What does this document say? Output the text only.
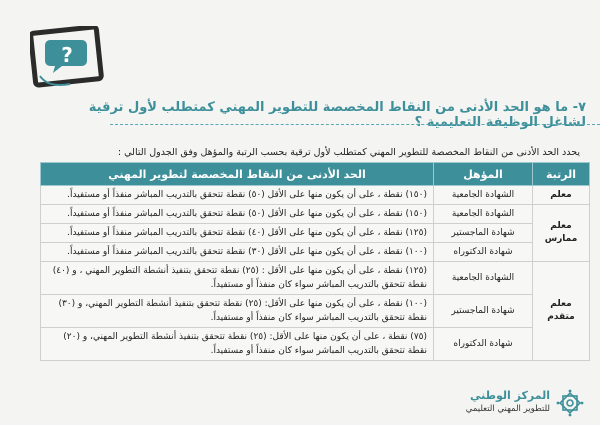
?
٧- ما هو الحد الأدنى من النقاط المخصصة للتطوير المهني كمتطلب لأول ترقية لشاغل الوظيفة التعليمية ؟
يحدد الحد الأدنى من النقاط المخصصة للتطوير المهني كمتطلب لأول ترقية بحسب الرتبة والمؤهل وفق الجدول التالي :
الرتبة	المؤهل	الحد الأدنى من النقاط المخصصة لتطوير المهني
معلم	الشهادة الجامعية	(١٥٠) نقطة ، على أن يكون منها على الأقل (٥٠) نقطة تتحقق بالتدريب المباشر منفذاً أو مستفيداً.
معلم ممارس	الشهادة الجامعية	(١٥٠) نقطة ، على أن يكون منها على الأقل (٥٠) نقطة تتحقق بالتدريب المباشر منفذاً أو مستفيداً.
	شهادة الماجستير	(١٢٥) نقطة ، على أن يكون منها على الأقل (٤٠) نقطة تتحقق بالتدريب المباشر منفذاً أو مستفيداً.
	شهادة الدكتوراه	(١٠٠) نقطة ، على أن يكون منها على الأقل (٣٠) نقطة تتحقق بالتدريب المباشر منفذاً أو مستفيداً.
معلم متقدم	الشهادة الجامعية	(١٢٥) نقطة ، على أن يكون منها على الأقل : (٢٥) نقطة تتحقق بتنفيذ أنشطة التطوير المهني ، و (٤٠) نقطة تتحقق بالتدريب المباشر سواء كان منفذاً أو مستفيداً.
	شهادة الماجستير	(١٠٠) نقطة ، على أن يكون منها على الأقل: (٢٥) نقطة تتحقق بتنفيذ أنشطة التطوير المهني، و (٣٠) نقطة تتحقق بالتدريب المباشر سواء كان منفذاً أو مستفيداً.
	شهادة الدكتوراه	(٧٥) نقطة ، على أن يكون منها على الأقل: (٢٥) نقطة تتحقق بتنفيذ أنشطة التطوير المهني، و (٢٠) نقطة تتحقق بالتدريب المباشر سواء كان منفذاً أو مستفيداً.
المركز الوطني
للتطوير المهني التعليمي
